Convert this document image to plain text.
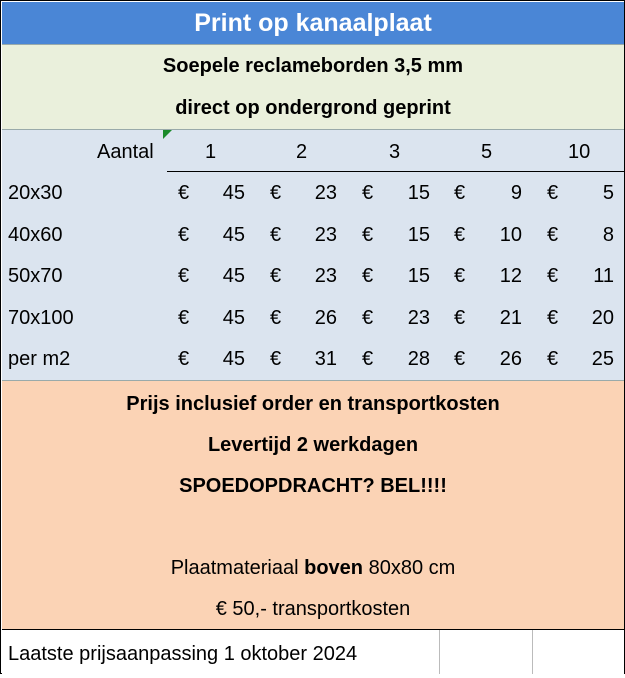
Print op kanaalplaat
Soepele reclameborden 3,5 mm
direct op ondergrond geprint
Aantal	1	2	3	5	10
20x30	€	45 €	23 €	15 €	9 €	5
40x60	€	45 €	23 €	15 €	10 €	8
50x70	€	45 €	23 €	15 €	12 €	11
70x100	€	45 €	26 €	23 €	21 €	20
per m2	€	45 €	31 €	28 €	26 €	25
Prijs inclusief order en transportkosten
Levertijd 2 werkdagen
SPOEDOPDRACHT? BEL!!!!
Plaatmateriaal boven 80x80 cm
€ 50,- transportkosten
Laatste prijsaanpassing 1 oktober 2024
